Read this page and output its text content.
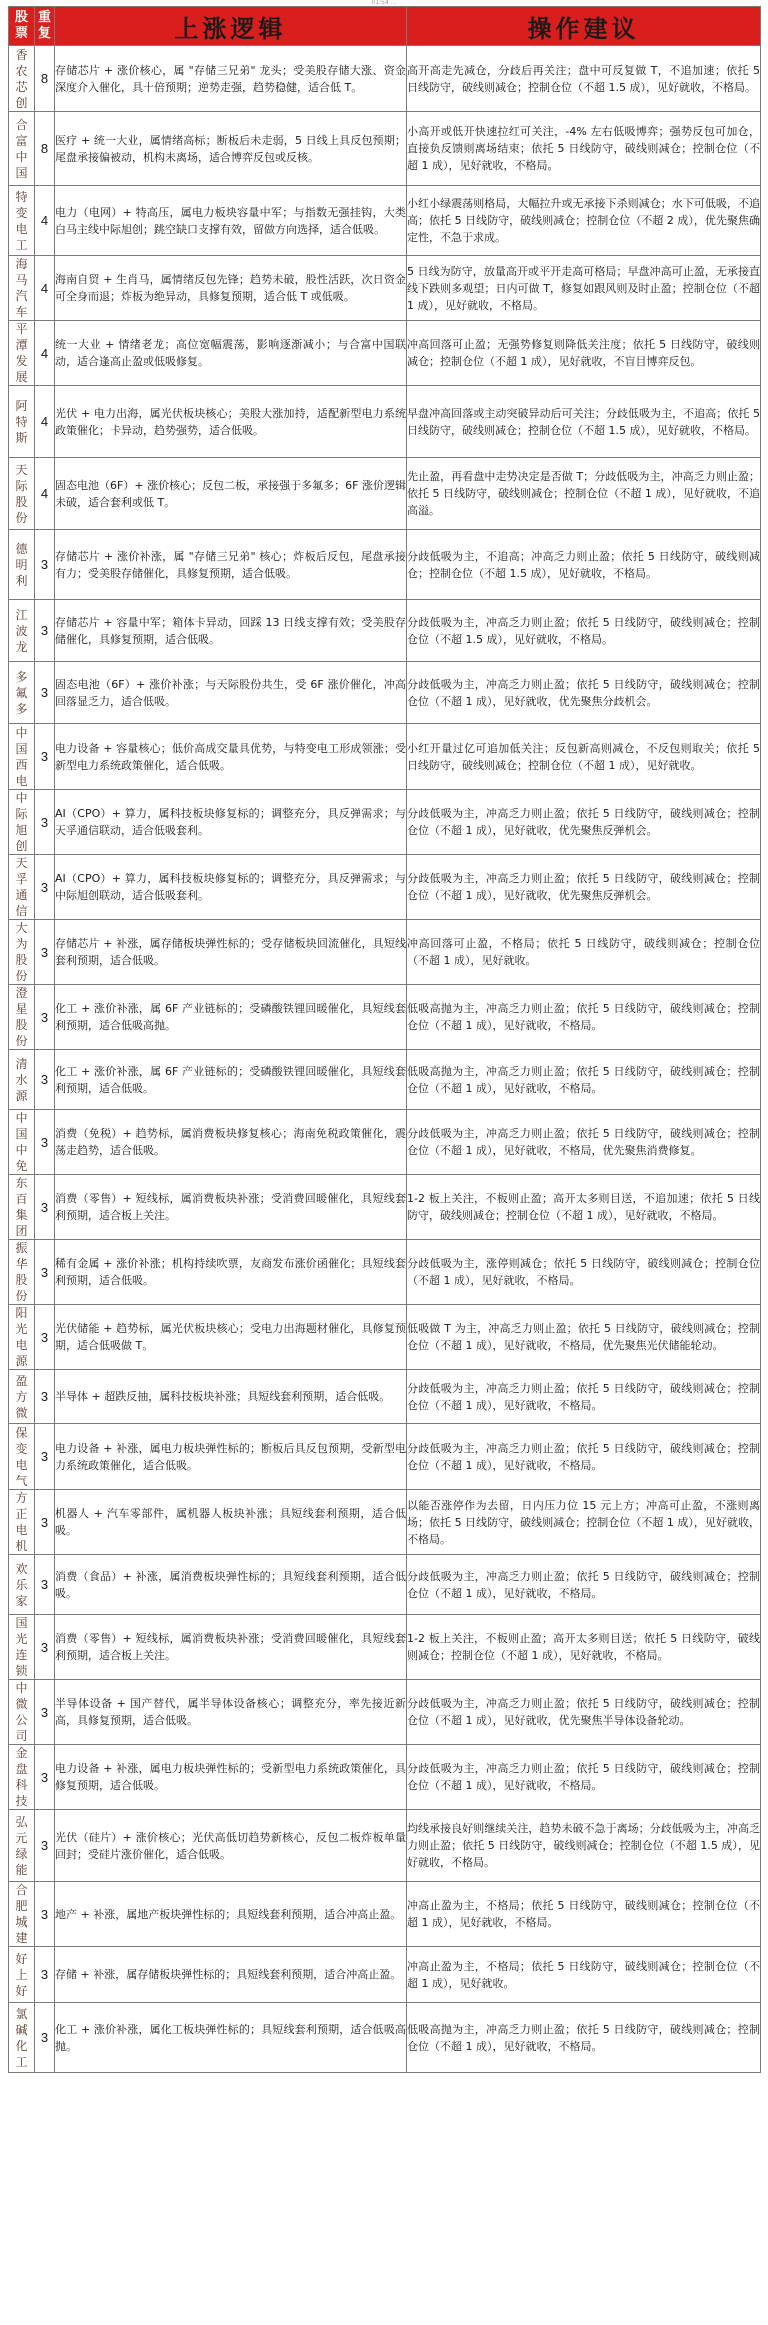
01:54 …
股票	重复	上涨逻辑	操作建议
香农芯创	8	存储芯片 + 涨价核心，属 "存储三兄弟" 龙头；受美股存储大涨、资金深度介入催化，具十倍预期；逆势走强，趋势稳健，适合低 T。	高开高走先减仓，分歧后再关注；盘中可反复做 T，不追加速；依托 5 日线防守，破线则减仓；控制仓位（不超 1.5 成），见好就收，不格局。
合富中国	8	医疗 + 统一大业，属情绪高标；断板后未走弱，5 日线上具反包预期；尾盘承接偏被动，机构未离场，适合博弈反包或反核。	小高开或低开快速拉红可关注，-4% 左右低吸博弈；强势反包可加仓，直接负反馈则离场结束；依托 5 日线防守，破线则减仓；控制仓位（不超 1 成），见好就收，不格局。
特变电工	4	电力（电网）+ 特高压，属电力板块容量中军；与指数无强挂钩，大类白马主线中际旭创；跳空缺口支撑有效，留做方向选择，适合低吸。	小红小绿震荡则格局，大幅拉升或无承接下杀则减仓；水下可低吸，不追高；依托 5 日线防守，破线则减仓；控制仓位（不超 2 成），优先聚焦确定性，不急于求成。
海马汽车	4	海南自贸 + 生肖马，属情绪反包先锋；趋势未破，股性活跃，次日资金可全身而退；炸板为绝异动，具修复预期，适合低 T 或低吸。	5 日线为防守，放量高开或平开走高可格局；早盘冲高可止盈，无承接直线下跌则多观望；日内可做 T，修复如跟风则及时止盈；控制仓位（不超 1 成），见好就收，不格局。
平潭发展	4	统一大业 + 情绪老龙；高位宽幅震荡，影响逐渐减小；与合富中国联动，适合逢高止盈或低吸修复。	冲高回落可止盈；无强势修复则降低关注度；依托 5 日线防守，破线则减仓；控制仓位（不超 1 成），见好就收，不盲目博弈反包。
阿特斯	4	光伏 + 电力出海，属光伏板块核心；美股大涨加持，适配新型电力系统政策催化；卡异动，趋势强势，适合低吸。	早盘冲高回落或主动突破异动后可关注；分歧低吸为主，不追高；依托 5 日线防守，破线则减仓；控制仓位（不超 1.5 成），见好就收，不格局。
天际股份	4	固态电池（6F）+ 涨价核心；反包二板，承接强于多氟多；6F 涨价逻辑未破，适合套利或低 T。	先止盈，再看盘中走势决定是否做 T；分歧低吸为主，冲高乏力则止盈；依托 5 日线防守，破线则减仓；控制仓位（不超 1 成），见好就收，不追高溢。
德明利	3	存储芯片 + 涨价补涨，属 "存储三兄弟" 核心；炸板后反包，尾盘承接有力；受美股存储催化，具修复预期，适合低吸。	分歧低吸为主，不追高；冲高乏力则止盈；依托 5 日线防守，破线则减仓；控制仓位（不超 1.5 成），见好就收，不格局。
江波龙	3	存储芯片 + 容量中军；箱体卡异动，回踩 13 日线支撑有效；受美股存储催化，具修复预期，适合低吸。	分歧低吸为主，冲高乏力则止盈；依托 5 日线防守，破线则减仓；控制仓位（不超 1.5 成），见好就收，不格局。
多氟多	3	固态电池（6F）+ 涨价补涨；与天际股份共生，受 6F 涨价催化，冲高回落显乏力，适合低吸。	分歧低吸为主，冲高乏力则止盈；依托 5 日线防守，破线则减仓；控制仓位（不超 1 成），见好就收，优先聚焦分歧机会。
中国西电	3	电力设备 + 容量核心；低价高成交量具优势，与特变电工形成领涨；受新型电力系统政策催化，适合低吸。	小红开量过亿可追加低关注；反包新高则减仓，不反包则取关；依托 5 日线防守，破线则减仓；控制仓位（不超 1 成），见好就收。
中际旭创	3	AI（CPO）+ 算力，属科技板块修复标的；调整充分，具反弹需求；与天孚通信联动，适合低吸套利。	分歧低吸为主，冲高乏力则止盈；依托 5 日线防守，破线则减仓；控制仓位（不超 1 成），见好就收，优先聚焦反弹机会。
天孚通信	3	AI（CPO）+ 算力，属科技板块修复标的；调整充分，具反弹需求；与中际旭创联动，适合低吸套利。	分歧低吸为主，冲高乏力则止盈；依托 5 日线防守，破线则减仓；控制仓位（不超 1 成），见好就收，优先聚焦反弹机会。
大为股份	3	存储芯片 + 补涨，属存储板块弹性标的；受存储板块回流催化，具短线套利预期，适合低吸。	冲高回落可止盈，不格局；依托 5 日线防守，破线则减仓；控制仓位（不超 1 成），见好就收。
澄星股份	3	化工 + 涨价补涨，属 6F 产业链标的；受磷酸铁锂回暖催化，具短线套利预期，适合低吸高抛。	低吸高抛为主，冲高乏力则止盈；依托 5 日线防守，破线则减仓；控制仓位（不超 1 成），见好就收，不格局。
清水源	3	化工 + 涨价补涨，属 6F 产业链标的；受磷酸铁锂回暖催化，具短线套利预期，适合低吸。	低吸高抛为主，冲高乏力则止盈；依托 5 日线防守，破线则减仓；控制仓位（不超 1 成），见好就收，不格局。
中国中免	3	消费（免税）+ 趋势标，属消费板块修复核心；海南免税政策催化，震荡走趋势，适合低吸。	分歧低吸为主，冲高乏力则止盈；依托 5 日线防守，破线则减仓；控制仓位（不超 1 成），见好就收，不格局，优先聚焦消费修复。
东百集团	3	消费（零售）+ 短线标，属消费板块补涨；受消费回暖催化，具短线套利预期，适合板上关注。	1-2 板上关注，不板则止盈；高开太多则目送，不追加速；依托 5 日线防守，破线则减仓；控制仓位（不超 1 成），见好就收，不格局。
振华股份	3	稀有金属 + 涨价补涨；机构持续吹票，友商发布涨价函催化；具短线套利预期，适合低吸。	分歧低吸为主，涨停则减仓；依托 5 日线防守，破线则减仓；控制仓位（不超 1 成），见好就收，不格局。
阳光电源	3	光伏储能 + 趋势标，属光伏板块核心；受电力出海题材催化，具修复预期，适合低吸做 T。	低吸做 T 为主，冲高乏力则止盈；依托 5 日线防守，破线则减仓；控制仓位（不超 1 成），见好就收，不格局，优先聚焦光伏储能轮动。
盈方微	3	半导体 + 超跌反抽，属科技板块补涨；具短线套利预期，适合低吸。	分歧低吸为主，冲高乏力则止盈；依托 5 日线防守，破线则减仓；控制仓位（不超 1 成），见好就收，不格局。
保变电气	3	电力设备 + 补涨，属电力板块弹性标的；断板后具反包预期，受新型电力系统政策催化，适合低吸。	分歧低吸为主，冲高乏力则止盈；依托 5 日线防守，破线则减仓；控制仓位（不超 1 成），见好就收，不格局。
方正电机	3	机器人 + 汽车零部件，属机器人板块补涨；具短线套利预期，适合低吸。	以能否涨停作为去留，日内压力位 15 元上方；冲高可止盈，不涨则离场；依托 5 日线防守，破线则减仓；控制仓位（不超 1 成），见好就收，不格局。
欢乐家	3	消费（食品）+ 补涨，属消费板块弹性标的；具短线套利预期，适合低吸。	分歧低吸为主，冲高乏力则止盈；依托 5 日线防守，破线则减仓；控制仓位（不超 1 成），见好就收，不格局。
国光连锁	3	消费（零售）+ 短线标，属消费板块补涨；受消费回暖催化，具短线套利预期，适合板上关注。	1-2 板上关注，不板则止盈；高开太多则目送；依托 5 日线防守，破线则减仓；控制仓位（不超 1 成），见好就收，不格局。
中微公司	3	半导体设备 + 国产替代，属半导体设备核心；调整充分，率先接近新高，具修复预期，适合低吸。	分歧低吸为主，冲高乏力则止盈；依托 5 日线防守，破线则减仓；控制仓位（不超 1 成），见好就收，优先聚焦半导体设备轮动。
金盘科技	3	电力设备 + 补涨，属电力板块弹性标的；受新型电力系统政策催化，具修复预期，适合低吸。	分歧低吸为主，冲高乏力则止盈；依托 5 日线防守，破线则减仓；控制仓位（不超 1 成），见好就收，不格局。
弘元绿能	3	光伏（硅片）+ 涨价核心；光伏高低切趋势新核心，反包二板炸板单量回封；受硅片涨价催化，适合低吸。	均线承接良好则继续关注，趋势未破不急于离场；分歧低吸为主，冲高乏力则止盈；依托 5 日线防守，破线则减仓；控制仓位（不超 1.5 成），见好就收，不格局。
合肥城建	3	地产 + 补涨，属地产板块弹性标的；具短线套利预期，适合冲高止盈。	冲高止盈为主，不格局；依托 5 日线防守，破线则减仓；控制仓位（不超 1 成），见好就收，不格局。
好上好	3	存储 + 补涨，属存储板块弹性标的；具短线套利预期，适合冲高止盈。	冲高止盈为主，不格局；依托 5 日线防守，破线则减仓；控制仓位（不超 1 成），见好就收。
氯碱化工	3	化工 + 涨价补涨，属化工板块弹性标的；具短线套利预期，适合低吸高抛。	低吸高抛为主，冲高乏力则止盈；依托 5 日线防守，破线则减仓；控制仓位（不超 1 成），见好就收，不格局。
